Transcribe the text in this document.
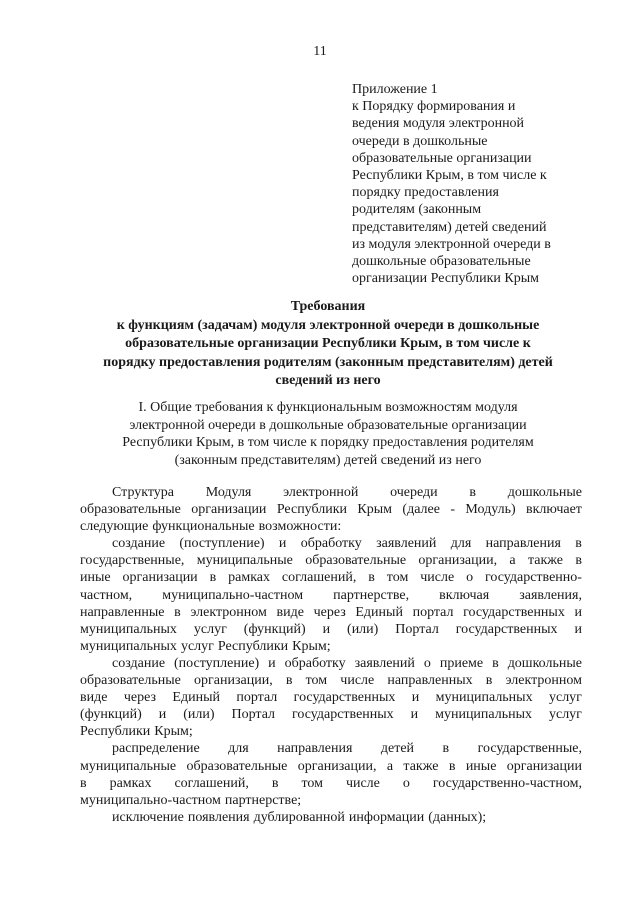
11
Приложение 1
к Порядку формирования и
ведения модуля электронной
очереди в дошкольные
образовательные организации
Республики Крым, в том числе к
порядку предоставления
родителям (законным
представителям) детей сведений
из модуля электронной очереди в
дошкольные образовательные
организации Республики Крым
Требования
к функциям (задачам) модуля электронной очереди в дошкольные
образовательные организации Республики Крым, в том числе к
порядку предоставления родителям (законным представителям) детей
сведений из него
I. Общие требования к функциональным возможностям модуля
электронной очереди в дошкольные образовательные организации
Республики Крым, в том числе к порядку предоставления родителям
(законным представителям) детей сведений из него
Структура Модуля электронной очереди в дошкольные
образовательные организации Республики Крым (далее - Модуль) включает
следующие функциональные возможности:
создание (поступление) и обработку заявлений для направления в
государственные, муниципальные образовательные организации, а также в
иные организации в рамках соглашений, в том числе о государственно-
частном, муниципально-частном партнерстве, включая заявления,
направленные в электронном виде через Единый портал государственных и
муниципальных услуг (функций) и (или) Портал государственных и
муниципальных услуг Республики Крым;
создание (поступление) и обработку заявлений о приеме в дошкольные
образовательные организации, в том числе направленных в электронном
виде через Единый портал государственных и муниципальных услуг
(функций) и (или) Портал государственных и муниципальных услуг
Республики Крым;
распределение для направления детей в государственные,
муниципальные образовательные организации, а также в иные организации
в рамках соглашений, в том числе о государственно-частном,
муниципально-частном партнерстве;
исключение появления дублированной информации (данных);
